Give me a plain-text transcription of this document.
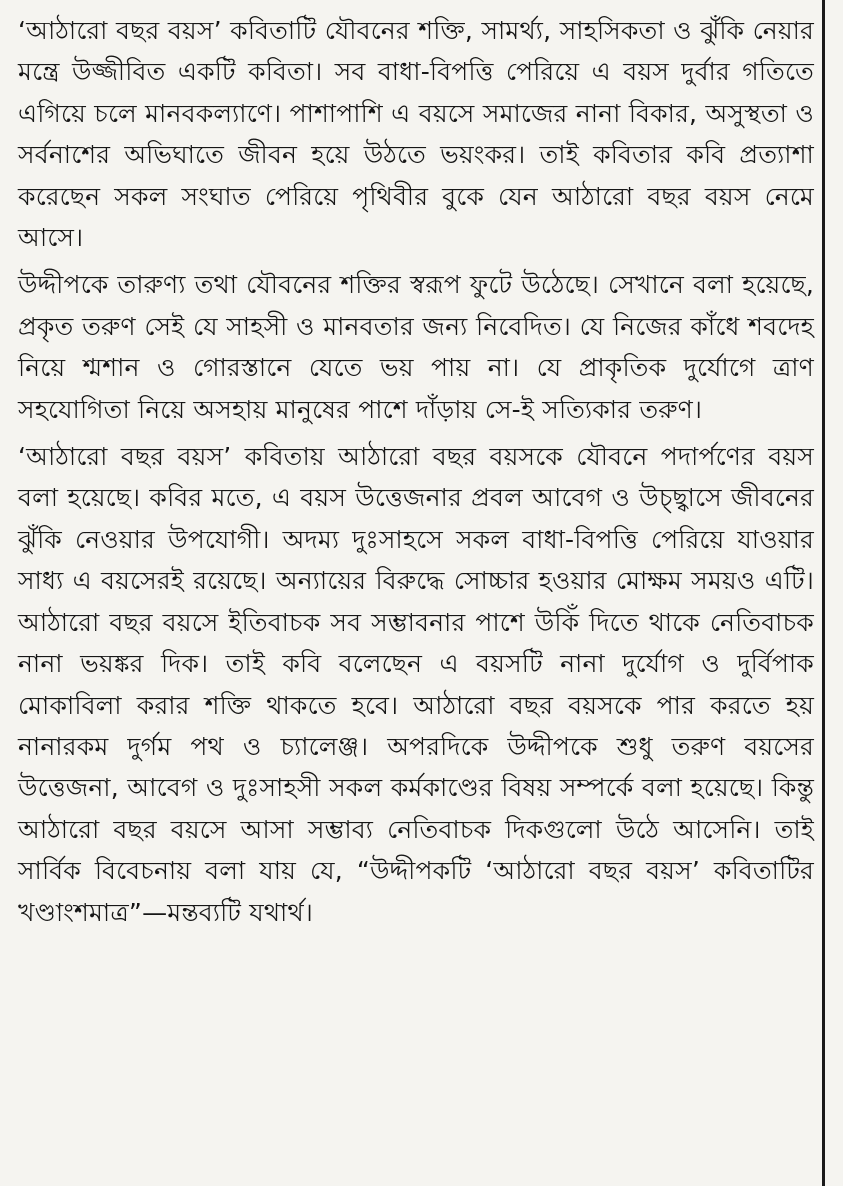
‘আঠারো বছর বয়স’ কবিতাটি যৌবনের শক্তি, সামর্থ্য, সাহসিকতা ও ঝুঁকি নেয়ার মন্ত্রে উজ্জীবিত একটি কবিতা। সব বাধা-বিপত্তি পেরিয়ে এ বয়স দুর্বার গতিতে এগিয়ে চলে মানবকল্যাণে। পাশাপাশি এ বয়সে সমাজের নানা বিকার, অসুস্থতা ও সর্বনাশের অভিঘাতে জীবন হয়ে উঠতে ভয়ংকর। তাই কবিতার কবি প্রত্যাশা করেছেন সকল সংঘাত পেরিয়ে পৃথিবীর বুকে যেন আঠারো বছর বয়স নেমে আসে।

উদ্দীপকে তারুণ্য তথা যৌবনের শক্তির স্বরূপ ফুটে উঠেছে। সেখানে বলা হয়েছে, প্রকৃত তরুণ সেই যে সাহসী ও মানবতার জন্য নিবেদিত। যে নিজের কাঁধে শবদেহ নিয়ে শ্মশান ও গোরস্তানে যেতে ভয় পায় না। যে প্রাকৃতিক দুর্যোগে ত্রাণ সহযোগিতা নিয়ে অসহায় মানুষের পাশে দাঁড়ায় সে-ই সত্যিকার তরুণ।

‘আঠারো বছর বয়স’ কবিতায় আঠারো বছর বয়সকে যৌবনে পদার্পণের বয়স বলা হয়েছে। কবির মতে, এ বয়স উত্তেজনার প্রবল আবেগ ও উচ্ছ্বাসে জীবনের ঝুঁকি নেওয়ার উপযোগী। অদম্য দুঃসাহসে সকল বাধা-বিপত্তি পেরিয়ে যাওয়ার সাধ্য এ বয়সেরই রয়েছে। অন্যায়ের বিরুদ্ধে সোচ্চার হওয়ার মোক্ষম সময়ও এটি। আঠারো বছর বয়সে ইতিবাচক সব সম্ভাবনার পাশে উকিঁ দিতে থাকে নেতিবাচক নানা ভয়ঙ্কর দিক। তাই কবি বলেছেন এ বয়সটি নানা দুর্যোগ ও দুর্বিপাক মোকাবিলা করার শক্তি থাকতে হবে। আঠারো বছর বয়সকে পার করতে হয় নানারকম দুর্গম পথ ও চ্যালেঞ্জ। অপরদিকে উদ্দীপকে শুধু তরুণ বয়সের উত্তেজনা, আবেগ ও দুঃসাহসী সকল কর্মকাণ্ডের বিষয় সম্পর্কে বলা হয়েছে। কিন্তু আঠারো বছর বয়সে আসা সম্ভাব্য নেতিবাচক দিকগুলো উঠে আসেনি। তাই সার্বিক বিবেচনায় বলা যায় যে, “উদ্দীপকটি ‘আঠারো বছর বয়স’ কবিতাটির খণ্ডাংশমাত্র”—মন্তব্যটি যথার্থ।
